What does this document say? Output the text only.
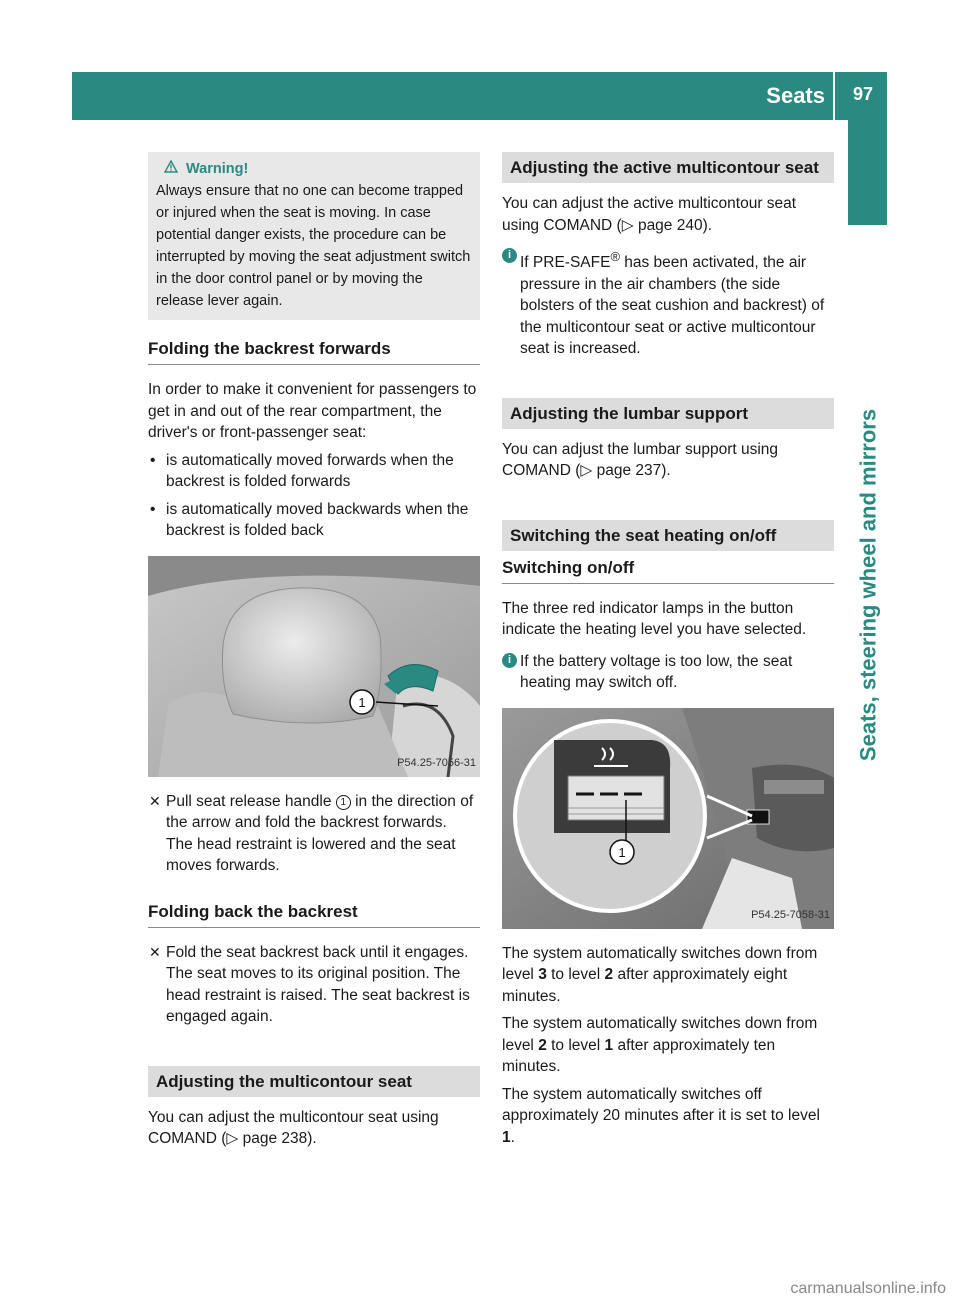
Seats 97
Seats, steering wheel and mirrors
Warning!

Always ensure that no one can become trapped or injured when the seat is moving. In case potential danger exists, the procedure can be interrupted by moving the seat adjustment switch in the door control panel or by moving the release lever again.

Folding the backrest forwards

In order to make it convenient for passengers to get in and out of the rear compartment, the driver's or front-passenger seat:

• is automatically moved forwards when the backrest is folded forwards
• is automatically moved backwards when the backrest is folded back
1
P54.25-7056-31
✕ Pull seat release handle 1 in the direction of the arrow and fold the backrest forwards.
The head restraint is lowered and the seat moves forwards.
Folding back the backrest
✕ Fold the seat backrest back until it engages.
The seat moves to its original position. The head restraint is raised. The seat backrest is engaged again.
Adjusting the multicontour seat

You can adjust the multicontour seat using COMAND (▷ page 238).

Adjusting the active multicontour seat

You can adjust the active multicontour seat using COMAND (▷ page 240).

i If PRE-SAFE® has been activated, the air pressure in the air chambers (the side bolsters of the seat cushion and backrest) of the multicontour seat or active multicontour seat is increased.
Adjusting the lumbar support

You can adjust the lumbar support using COMAND (▷ page 237).

Switching the seat heating on/off
Switching on/off

The three red indicator lamps in the button indicate the heating level you have selected.

i If the battery voltage is too low, the seat heating may switch off.
1
P54.25-7058-31

The system automatically switches down from level 3 to level 2 after approximately eight minutes.

The system automatically switches down from level 2 to level 1 after approximately ten minutes.

The system automatically switches off approximately 20 minutes after it is set to level 1.

carmanualsonline.info
